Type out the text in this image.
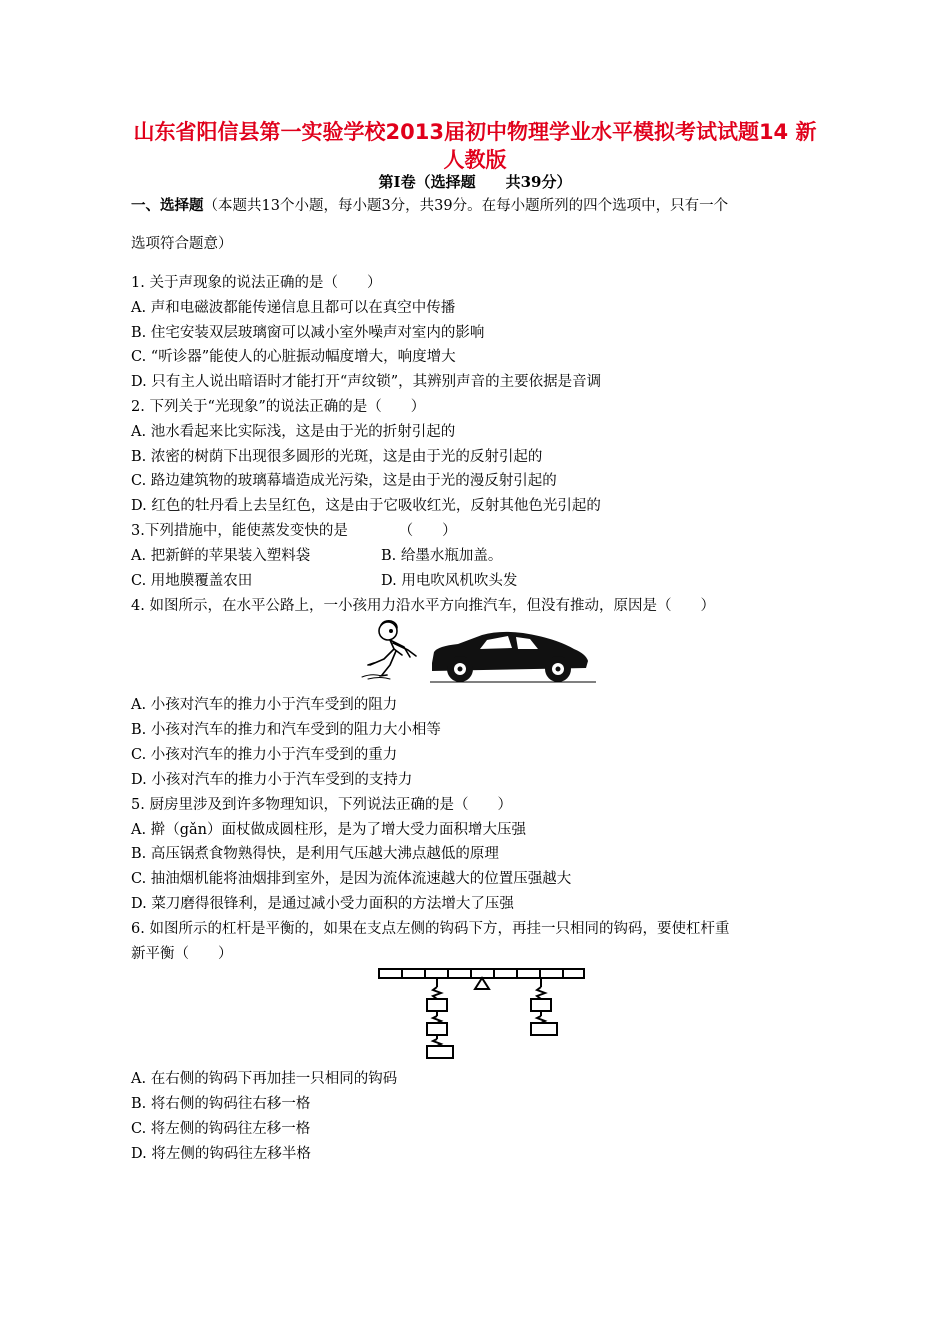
山东省阳信县第一实验学校2013届初中物理学业水平模拟考试试题14 新
人教版
第Ⅰ卷（选择题　　共39分）
一、选择题（本题共13个小题，每小题3分，共39分。在每小题所列的四个选项中，只有一个
选项符合题意）
1. 关于声现象的说法正确的是（　　）
A. 声和电磁波都能传递信息且都可以在真空中传播
B. 住宅安装双层玻璃窗可以减小室外噪声对室内的影响
C. “听诊器”能使人的心脏振动幅度增大，响度增大
D. 只有主人说出暗语时才能打开“声纹锁”，其辨别声音的主要依据是音调
2. 下列关于“光现象”的说法正确的是（　　）
A. 池水看起来比实际浅，这是由于光的折射引起的
B. 浓密的树荫下出现很多圆形的光斑，这是由于光的反射引起的
C. 路边建筑物的玻璃幕墙造成光污染，这是由于光的漫反射引起的
D. 红色的牡丹看上去呈红色，这是由于它吸收红光，反射其他色光引起的
3.下列措施中，能使蒸发变快的是　　　　（　　）
A. 把新鲜的苹果装入塑料袋	B. 给墨水瓶加盖。
C. 用地膜覆盖农田	D. 用电吹风机吹头发
4. 如图所示，在水平公路上，一小孩用力沿水平方向推汽车，但没有推动，原因是（　　）
A. 小孩对汽车的推力小于汽车受到的阻力
B. 小孩对汽车的推力和汽车受到的阻力大小相等
C. 小孩对汽车的推力小于汽车受到的重力
D. 小孩对汽车的推力小于汽车受到的支持力
5. 厨房里涉及到许多物理知识，下列说法正确的是（　　）
A. 擀（gǎn）面杖做成圆柱形，是为了增大受力面积增大压强
B. 高压锅煮食物熟得快，是利用气压越大沸点越低的原理
C. 抽油烟机能将油烟排到室外，是因为流体流速越大的位置压强越大
D. 菜刀磨得很锋利，是通过减小受力面积的方法增大了压强
6. 如图所示的杠杆是平衡的，如果在支点左侧的钩码下方，再挂一只相同的钩码，要使杠杆重
新平衡（　　）
A. 在右侧的钩码下再加挂一只相同的钩码
B. 将右侧的钩码往右移一格
C. 将左侧的钩码往左移一格
D. 将左侧的钩码往左移半格
